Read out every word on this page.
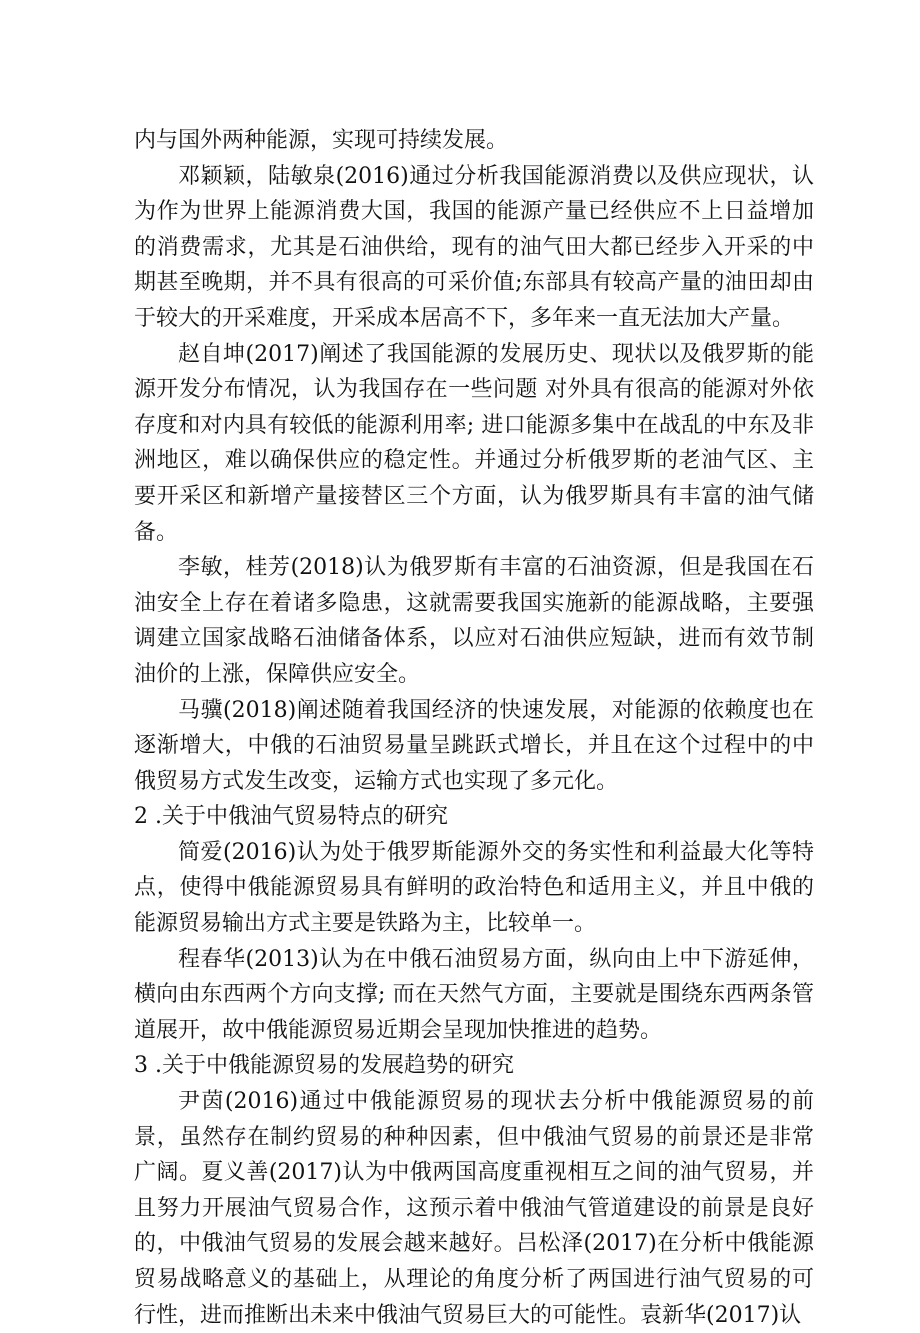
内与国外两种能源，实现可持续发展。

邓颖颖，陆敏泉(2016)通过分析我国能源消费以及供应现状，认为作为世界上能源消费大国，我国的能源产量已经供应不上日益增加的消费需求，尤其是石油供给，现有的油气田大都已经步入开采的中期甚至晚期，并不具有很高的可采价值;东部具有较高产量的油田却由于较大的开采难度，开采成本居高不下，多年来一直无法加大产量。

赵自坤(2017)阐述了我国能源的发展历史、现状以及俄罗斯的能源开发分布情况，认为我国存在一些问题 对外具有很高的能源对外依存度和对内具有较低的能源利用率; 进口能源多集中在战乱的中东及非洲地区，难以确保供应的稳定性。并通过分析俄罗斯的老油气区、主要开采区和新增产量接替区三个方面，认为俄罗斯具有丰富的油气储备。

李敏，桂芳(2018)认为俄罗斯有丰富的石油资源，但是我国在石油安全上存在着诸多隐患，这就需要我国实施新的能源战略，主要强调建立国家战略石油储备体系，以应对石油供应短缺，进而有效节制油价的上涨，保障供应安全。

马骥(2018)阐述随着我国经济的快速发展，对能源的依赖度也在逐渐增大，中俄的石油贸易量呈跳跃式增长，并且在这个过程中的中俄贸易方式发生改变，运输方式也实现了多元化。

2 .关于中俄油气贸易特点的研究

简爱(2016)认为处于俄罗斯能源外交的务实性和利益最大化等特点，使得中俄能源贸易具有鲜明的政治特色和适用主义，并且中俄的能源贸易输出方式主要是铁路为主，比较单一。

程春华(2013)认为在中俄石油贸易方面，纵向由上中下游延伸，横向由东西两个方向支撑; 而在天然气方面，主要就是围绕东西两条管道展开，故中俄能源贸易近期会呈现加快推进的趋势。

3 .关于中俄能源贸易的发展趋势的研究

尹茵(2016)通过中俄能源贸易的现状去分析中俄能源贸易的前景，虽然存在制约贸易的种种因素，但中俄油气贸易的前景还是非常广阔。夏义善(2017)认为中俄两国高度重视相互之间的油气贸易，并且努力开展油气贸易合作，这预示着中俄油气管道建设的前景是良好的，中俄油气贸易的发展会越来越好。吕松泽(2017)在分析中俄能源贸易战略意义的基础上，从理论的角度分析了两国进行油气贸易的可行性，进而推断出未来中俄油气贸易巨大的可能性。袁新华(2017)认
